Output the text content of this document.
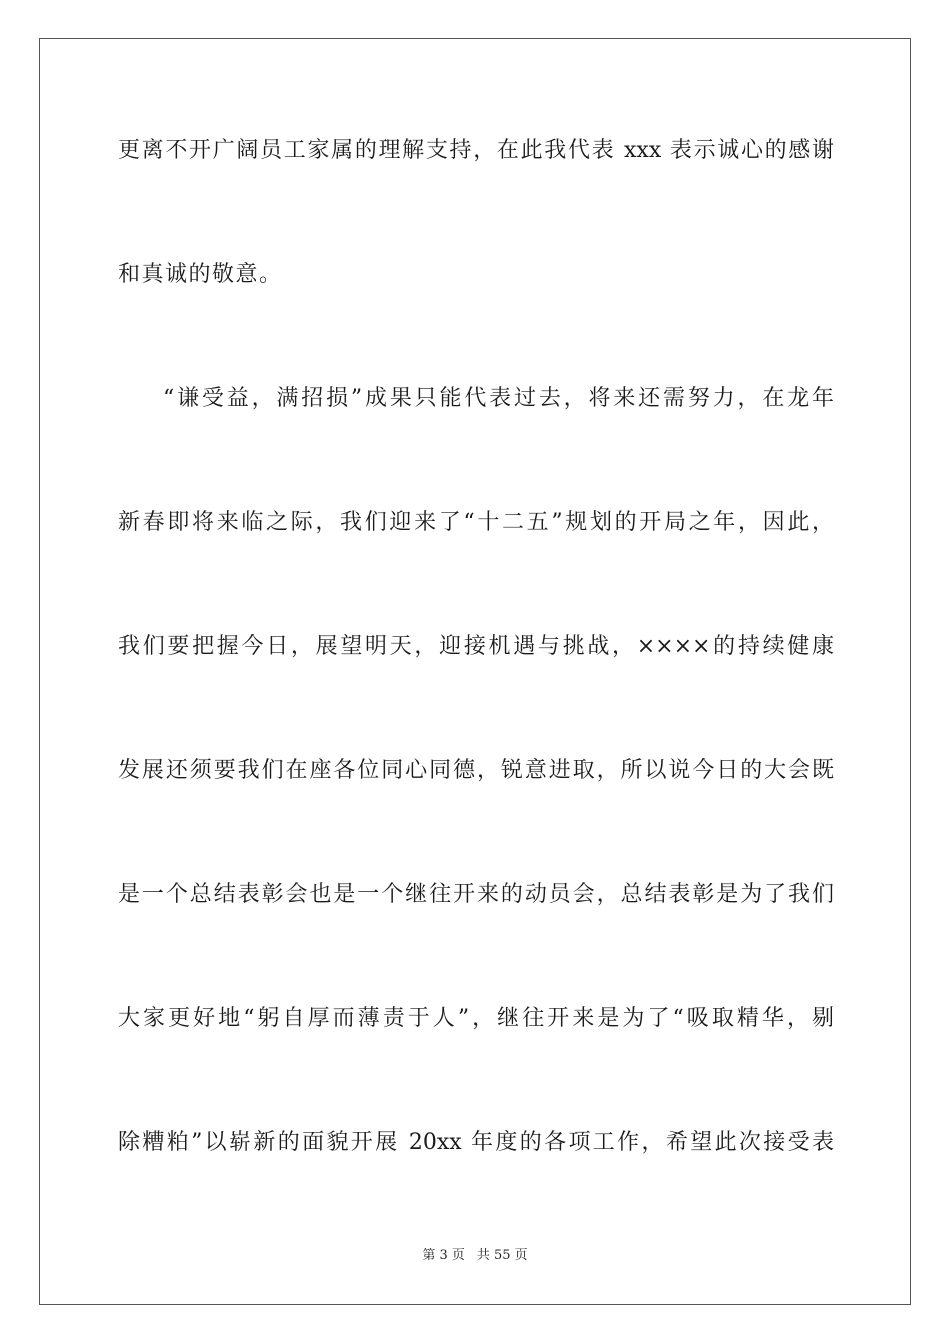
更离不开广阔员工家属的理解支持，在此我代表 xxx 表示诚心的感谢
和真诚的敬意。
“谦受益，满招损”成果只能代表过去，将来还需努力，在龙年
新春即将来临之际，我们迎来了“十二五”规划的开局之年，因此，
我们要把握今日，展望明天，迎接机遇与挑战，××××的持续健康
发展还须要我们在座各位同心同德，锐意进取，所以说今日的大会既
是一个总结表彰会也是一个继往开来的动员会，总结表彰是为了我们
大家更好地“躬自厚而薄责于人”，继往开来是为了“吸取精华，剔
除糟粕”以崭新的面貌开展 20xx 年度的各项工作，希望此次接受表
第 3 页 共 55 页
